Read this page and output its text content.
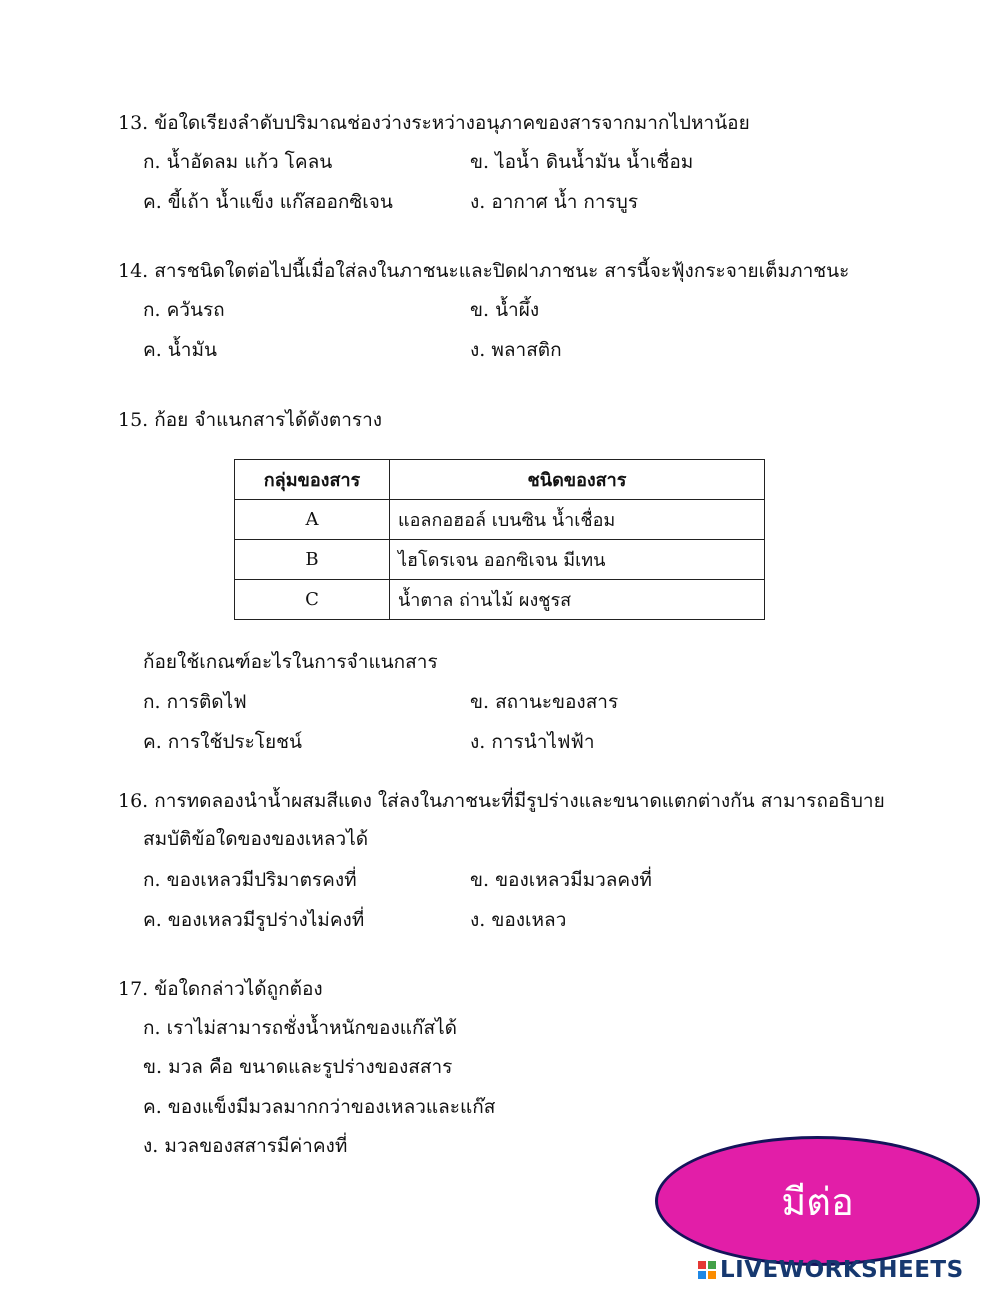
13. ข้อใดเรียงลำดับปริมาณช่องว่างระหว่างอนุภาคของสารจากมากไปหาน้อย
ก. น้ำอัดลม แก้ว โคลน	ข. ไอน้ำ ดินน้ำมัน น้ำเชื่อม
ค. ขี้เถ้า น้ำแข็ง แก๊สออกซิเจน	ง. อากาศ น้ำ การบูร
14. สารชนิดใดต่อไปนี้เมื่อใส่ลงในภาชนะและปิดฝาภาชนะ สารนี้จะฟุ้งกระจายเต็มภาชนะ
ก. ควันรถ	ข. น้ำผึ้ง
ค. น้ำมัน	ง. พลาสติก
15. ก้อย จำแนกสารได้ดังตาราง
กลุ่มของสาร	ชนิดของสาร
A	แอลกอฮอล์ เบนซิน น้ำเชื่อม
B	ไฮโดรเจน ออกซิเจน มีเทน
C	น้ำตาล ถ่านไม้ ผงชูรส
ก้อยใช้เกณฑ์อะไรในการจำแนกสาร
ก. การติดไฟ	ข. สถานะของสาร
ค. การใช้ประโยชน์	ง. การนำไฟฟ้า
16. การทดลองนำน้ำผสมสีแดง ใส่ลงในภาชนะที่มีรูปร่างและขนาดแตกต่างกัน สามารถอธิบาย
สมบัติข้อใดของของเหลวได้
ก. ของเหลวมีปริมาตรคงที่	ข. ของเหลวมีมวลคงที่
ค. ของเหลวมีรูปร่างไม่คงที่	ง. ของเหลว
17. ข้อใดกล่าวได้ถูกต้อง
ก. เราไม่สามารถชั่งน้ำหนักของแก๊สได้
ข. มวล คือ ขนาดและรูปร่างของสสาร
ค. ของแข็งมีมวลมากกว่าของเหลวและแก๊ส
ง. มวลของสสารมีค่าคงที่
มีต่อ
LIVEWORKSHEETS
